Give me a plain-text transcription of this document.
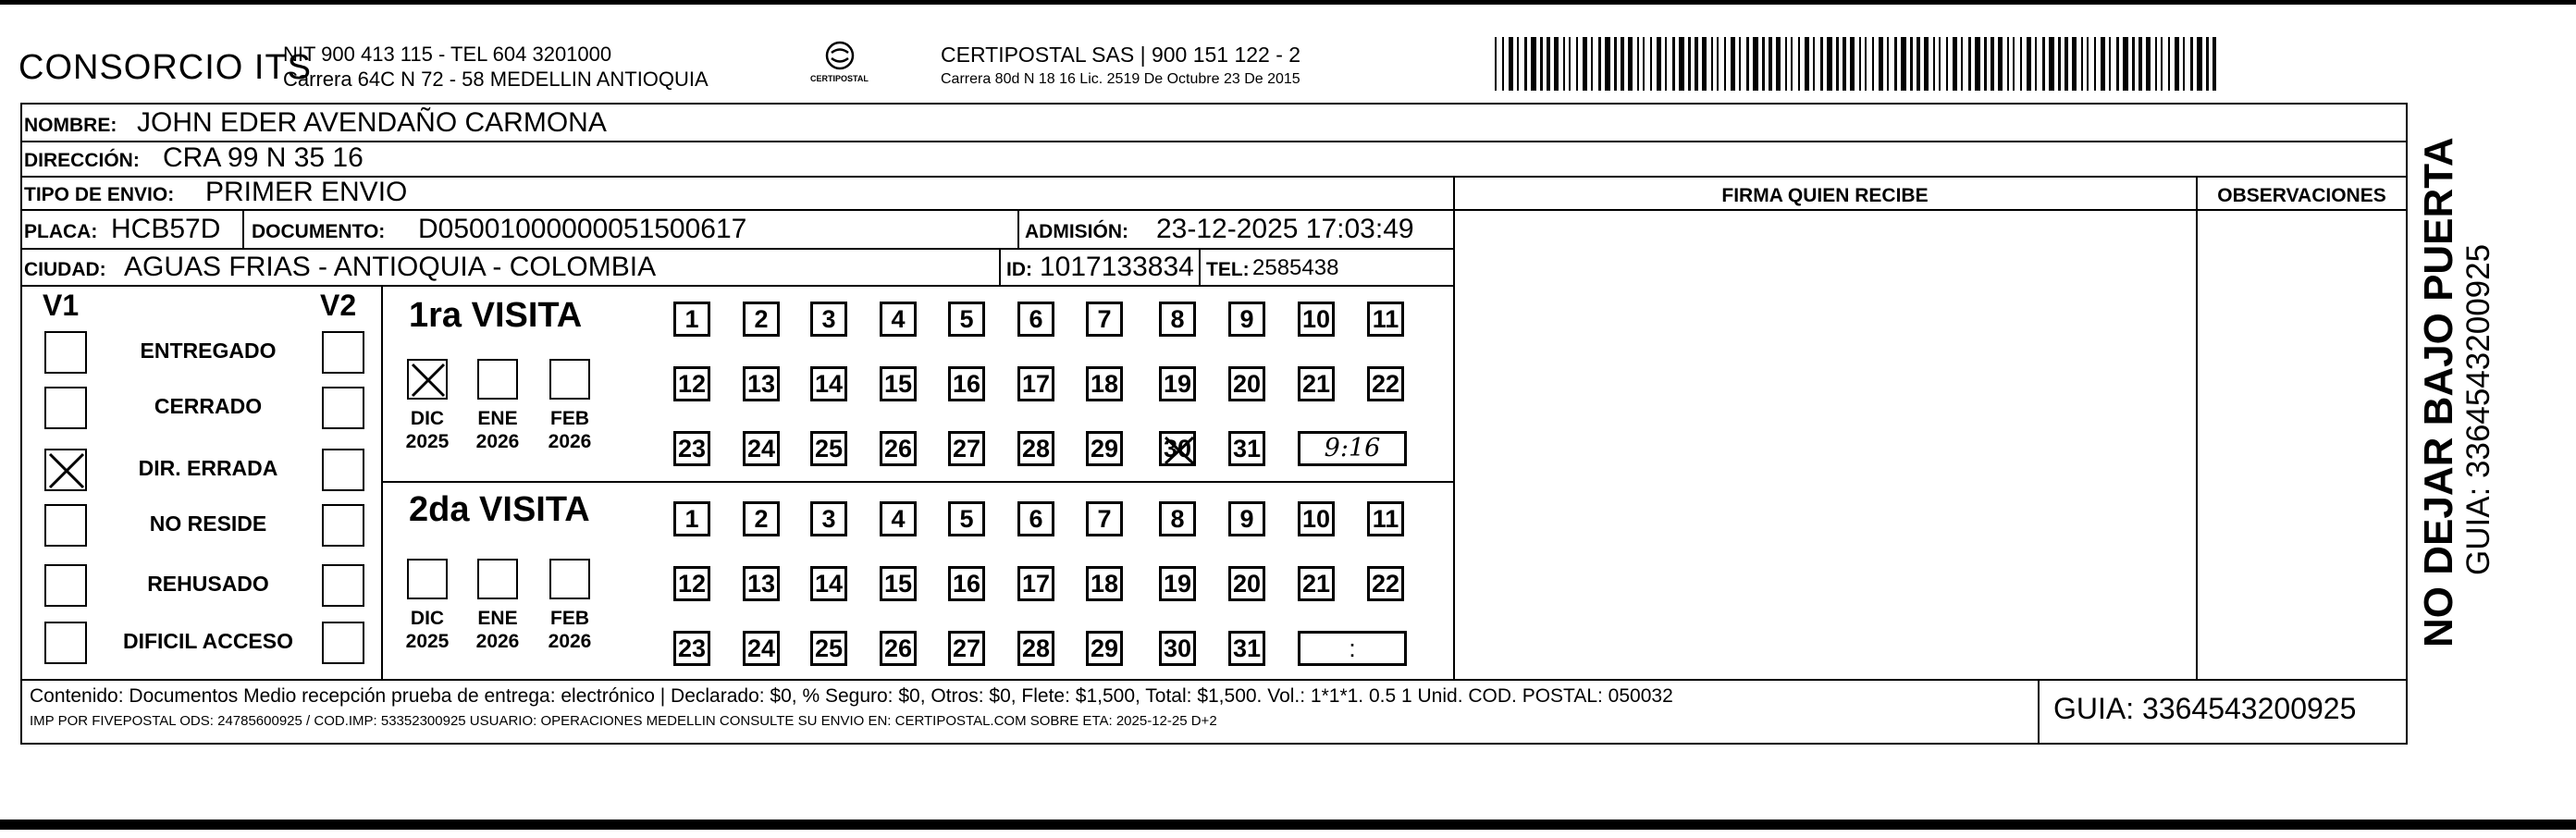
CONSORCIO ITS
NIT 900 413 115 - TEL 604 3201000
Carrera 64C N 72 - 58 MEDELLIN ANTIOQUIA	CERTIPOSTAL
CERTIPOSTAL SAS | 900 151 122 - 2
Carrera 80d N 18 16 Lic. 2519 De Octubre 23 De 2015
NOMBRE: JOHN EDER AVENDAÑO CARMONA
DIRECCIÓN: CRA 99 N 35 16
TIPO DE ENVIO: PRIMER ENVIO	FIRMA QUIEN RECIBE	OBSERVACIONES
PLACA: HCB57D DOCUMENTO: D05001000000051500617	ADMISIÓN: 23-12-2025 17:03:49
CIUDAD: AGUAS FRIAS - ANTIOQUIA - COLOMBIA	ID: 1017133834 TEL: 2585438
V1	V2
ENTREGADO
CERRADO
DIR. ERRADA
NO RESIDE
REHUSADO
DIFICIL ACCESO
1ra VISITA
2da VISITA
DIC
2025
ENE
2026
FEB
2026
DIC
2025
ENE
2026
FEB
2026
1	2	3	4	5	6	7	8	9	10 11
12 13 14 15 16 17 18 19 20 21 22
23 24 25 26 27 28 29 30 31	9:16
1	2	3	4	5	6	7	8	9	10 11
12 13 14 15 16 17 18 19 20 21 22
23 24 25 26 27 28 29 30 31	:
Contenido: Documentos Medio recepción prueba de entrega: electrónico | Declarado: $0, % Seguro: $0, Otros: $0, Flete: $1,500, Total: $1,500. Vol.: 1*1*1. 0.5 1 Unid. COD. POSTAL: 050032
IMP POR FIVEPOSTAL ODS: 24785600925 / COD.IMP: 53352300925 USUARIO: OPERACIONES MEDELLIN CONSULTE SU ENVIO EN: CERTIPOSTAL.COM SOBRE ETA: 2025-12-25 D+2	GUIA: 3364543200925
NO DEJAR BAJO PUERTA GUIA: 3364543200925
